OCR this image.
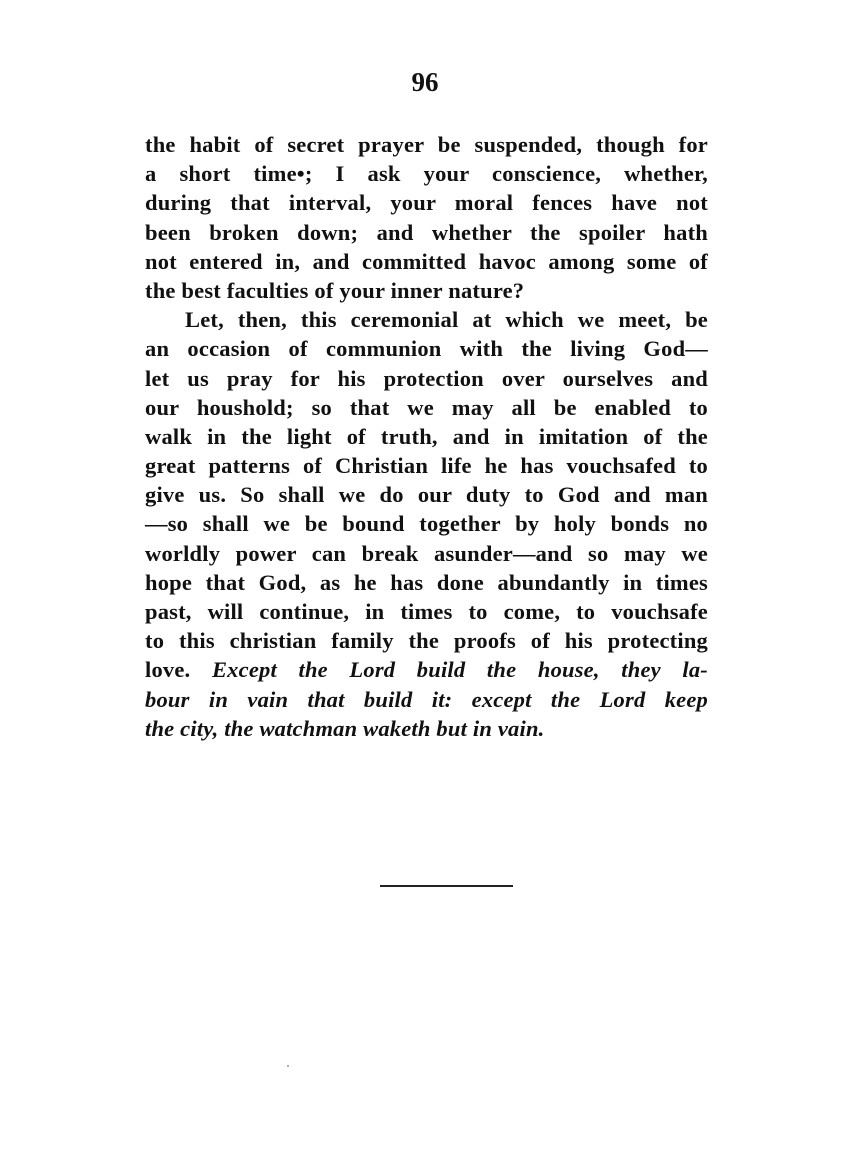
96
the habit of secret prayer be suspended, though for
a short time•; I ask your conscience, whether,
during that interval, your moral fences have not
been broken down; and whether the spoiler hath
not entered in, and committed havoc among some of
the best faculties of your inner nature?
Let, then, this ceremonial at which we meet, be
an occasion of communion with the living God—
let us pray for his protection over ourselves and
our houshold; so that we may all be enabled to
walk in the light of truth, and in imitation of the
great patterns of Christian life he has vouchsafed to
give us. So shall we do our duty to God and man
—so shall we be bound together by holy bonds no
worldly power can break asunder—and so may we
hope that God, as he has done abundantly in times
past, will continue, in times to come, to vouchsafe
to this christian family the proofs of his protecting
love. Except the Lord build the house, they la-
bour in vain that build it: except the Lord keep
the city, the watchman waketh but in vain.
